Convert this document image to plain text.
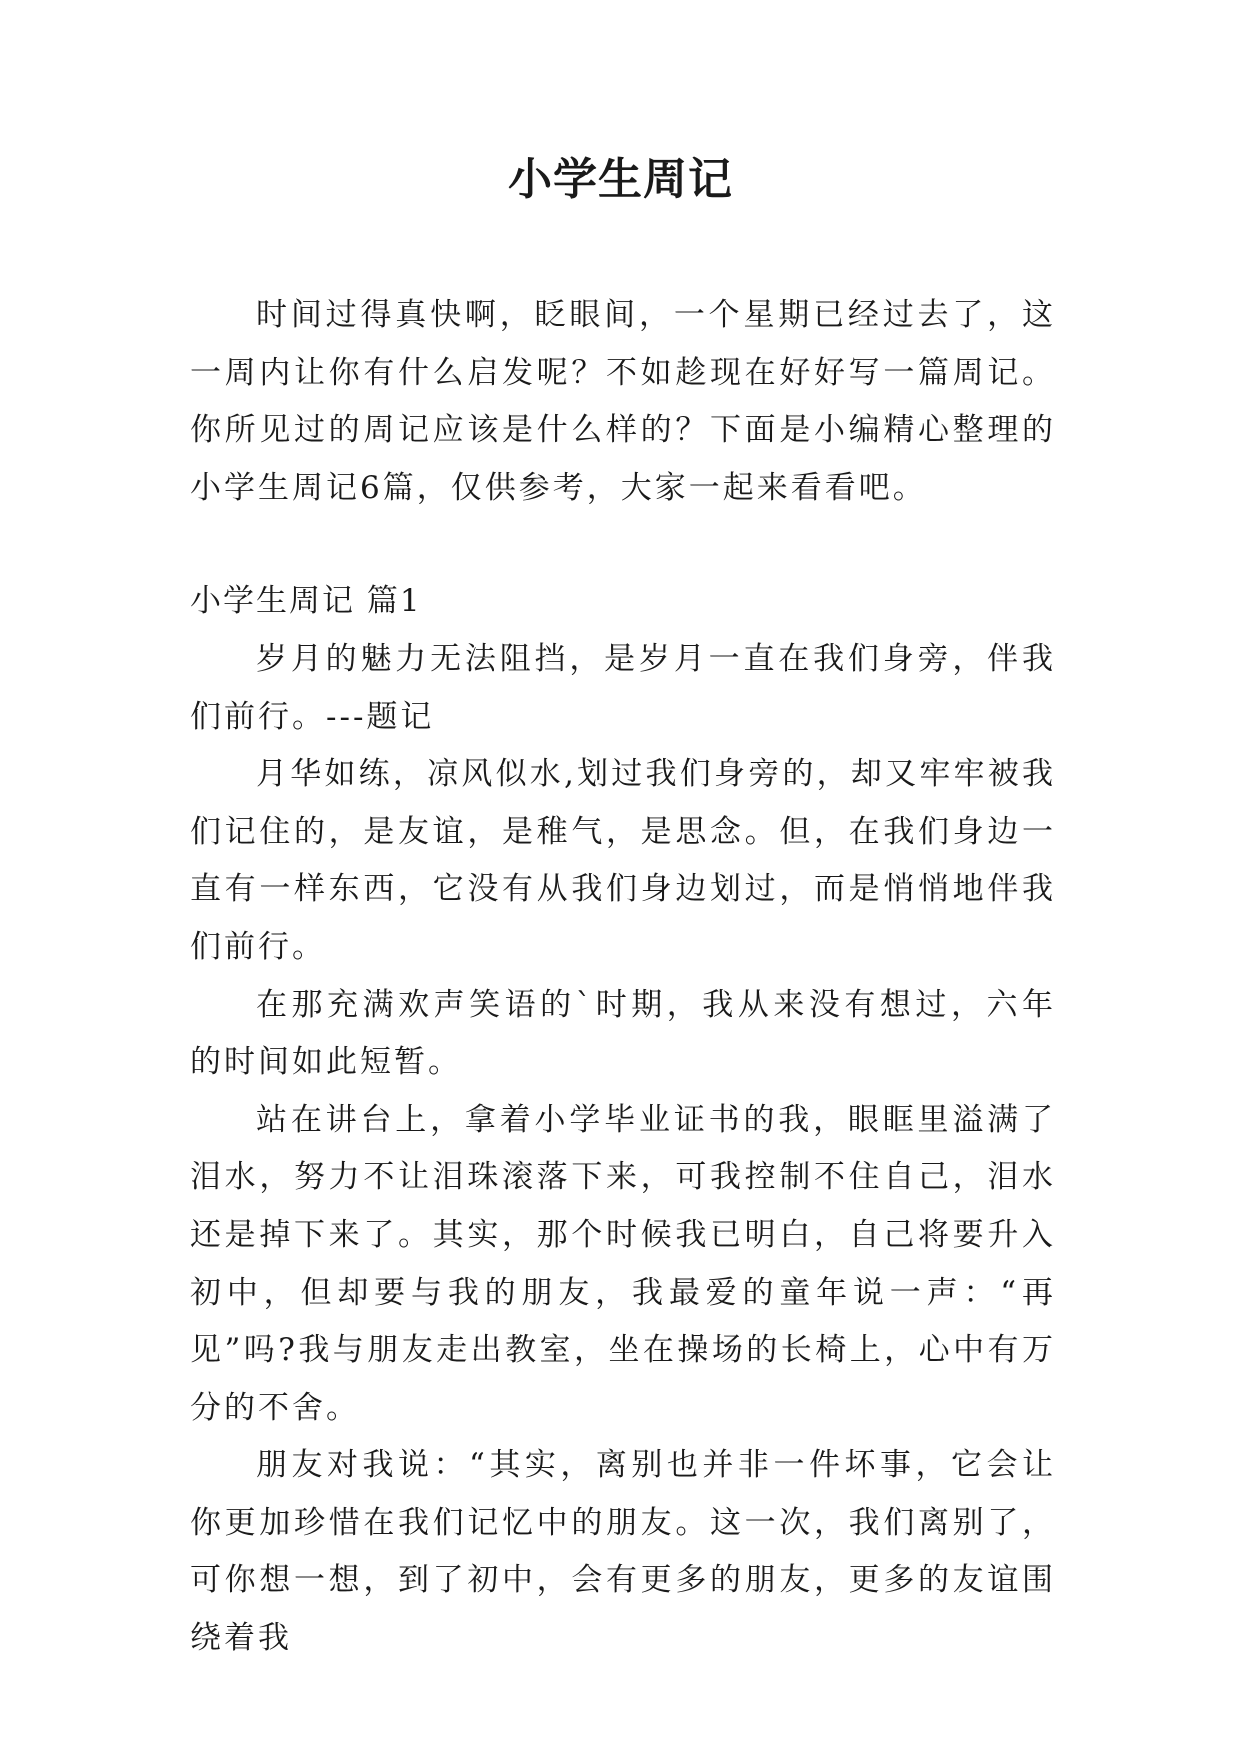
小学生周记

时间过得真快啊，眨眼间，一个星期已经过去了，这一周内让你有什么启发呢？不如趁现在好好写一篇周记。你所见过的周记应该是什么样的？下面是小编精心整理的小学生周记6篇，仅供参考，大家一起来看看吧。

小学生周记 篇1

岁月的魅力无法阻挡，是岁月一直在我们身旁，伴我们前行。---题记

月华如练，凉风似水,划过我们身旁的，却又牢牢被我们记住的，是友谊，是稚气，是思念。但，在我们身边一直有一样东西，它没有从我们身边划过，而是悄悄地伴我们前行。

在那充满欢声笑语的`时期，我从来没有想过，六年的时间如此短暂。

站在讲台上，拿着小学毕业证书的我，眼眶里溢满了泪水，努力不让泪珠滚落下来，可我控制不住自己，泪水还是掉下来了。其实，那个时候我已明白，自己将要升入初中，但却要与我的朋友，我最爱的童年说一声：“再见”吗?我与朋友走出教室，坐在操场的长椅上，心中有万分的不舍。

朋友对我说：“其实，离别也并非一件坏事，它会让你更加珍惜在我们记忆中的朋友。这一次，我们离别了，可你想一想，到了初中，会有更多的朋友，更多的友谊围绕着我
